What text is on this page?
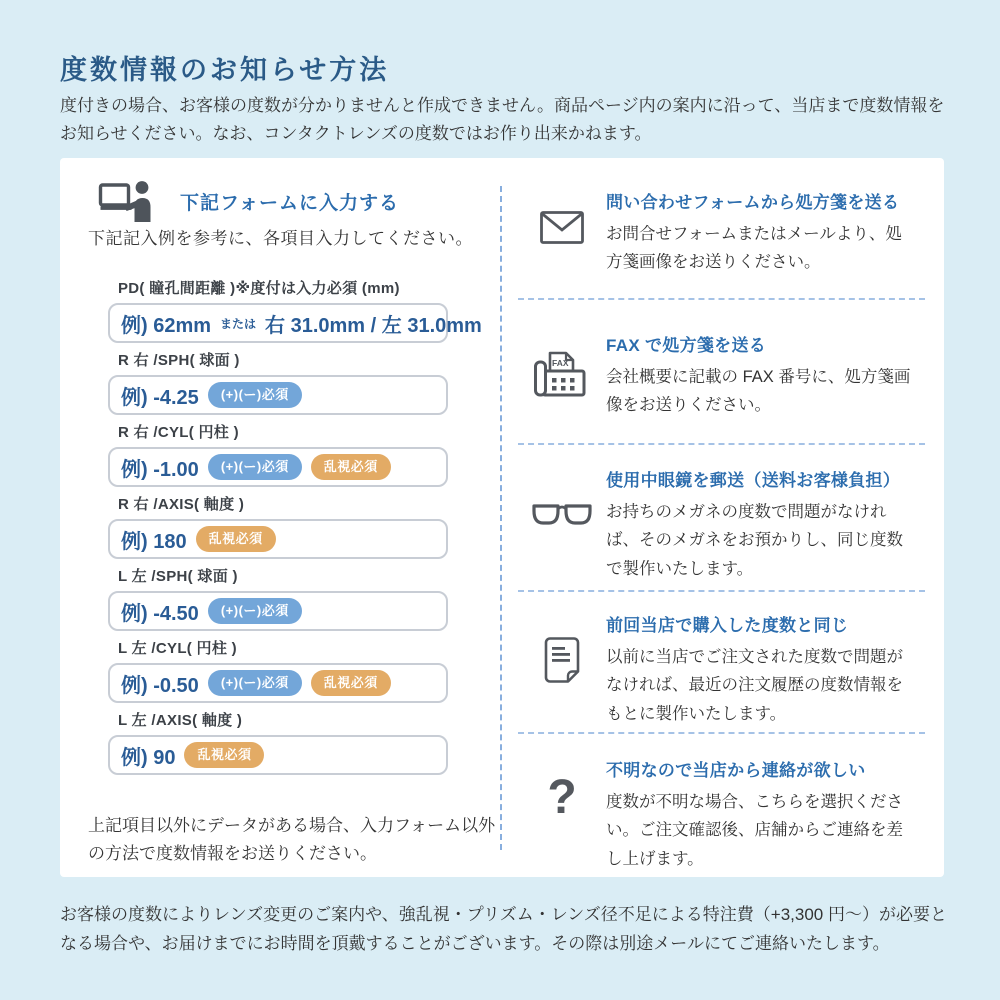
度数情報のお知らせ方法

度付きの場合、お客様の度数が分かりませんと作成できません。商品ページ内の案内に沿って、当店まで度数情報をお知らせください。なお、コンタクトレンズの度数ではお作り出来かねます。

下記フォームに入力する

下記記入例を参考に、各項目入力してください。

PD( 瞳孔間距離 )※度付は入力必須 (mm)
例) 62mm または 右 31.0mm / 左 31.0mm
R 右 /SPH( 球面 )
例) -4.25	(+)(ー)必須
R 右 /CYL( 円柱 )
例) -1.00	(+)(ー)必須	乱視必須
R 右 /AXIS( 軸度 )
例) 180	乱視必須
L 左 /SPH( 球面 )
例) -4.50	(+)(ー)必須
L 左 /CYL( 円柱 )
例) -0.50	(+)(ー)必須	乱視必須
L 左 /AXIS( 軸度 )
例) 90	乱視必須

上記項目以外にデータがある場合、入力フォーム以外の方法で度数情報をお送りください。

問い合わせフォームから処方箋を送る

お問合せフォームまたはメールより、処方箋画像をお送りください。

FAX

FAX で処方箋を送る

会社概要に記載の FAX 番号に、処方箋画像をお送りください。

使用中眼鏡を郵送（送料お客様負担）

お持ちのメガネの度数で問題がなければ、そのメガネをお預かりし、同じ度数で製作いたします。

前回当店で購入した度数と同じ

以前に当店でご注文された度数で問題がなければ、最近の注文履歴の度数情報をもとに製作いたします。

?

不明なので当店から連絡が欲しい

度数が不明な場合、こちらを選択ください。ご注文確認後、店舗からご連絡を差し上げます。

お客様の度数によりレンズ変更のご案内や、強乱視・プリズム・レンズ径不足による特注費（+3,300 円〜）が必要となる場合や、お届けまでにお時間を頂戴することがございます。その際は別途メールにてご連絡いたします。
